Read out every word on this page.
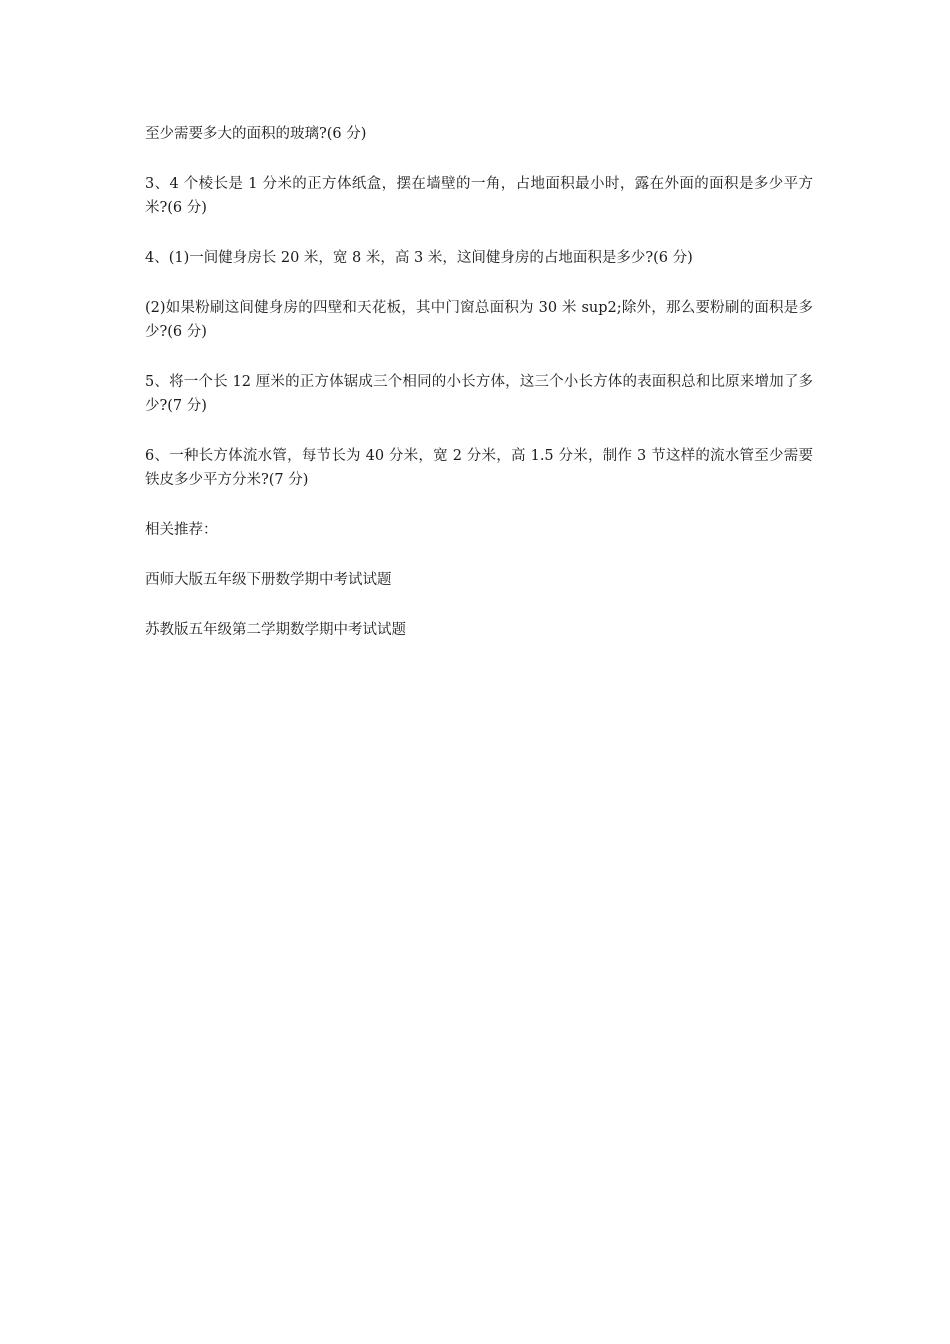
至少需要多大的面积的玻璃?(6 分)

3、4 个棱长是 1 分米的正方体纸盒，摆在墙壁的一角，占地面积最小时，露在外面的面积是多少平方米?(6 分)

4、(1)一间健身房长 20 米，宽 8 米，高 3 米，这间健身房的占地面积是多少?(6 分)

(2)如果粉刷这间健身房的四壁和天花板，其中门窗总面积为 30 米 sup2;除外，那么要粉刷的面积是多少?(6 分)

5、将一个长 12 厘米的正方体锯成三个相同的小长方体，这三个小长方体的表面积总和比原来增加了多少?(7 分)

6、一种长方体流水管，每节长为 40 分米，宽 2 分米，高 1.5 分米，制作 3 节这样的流水管至少需要铁皮多少平方分米?(7 分)

相关推荐：

西师大版五年级下册数学期中考试试题

苏教版五年级第二学期数学期中考试试题
